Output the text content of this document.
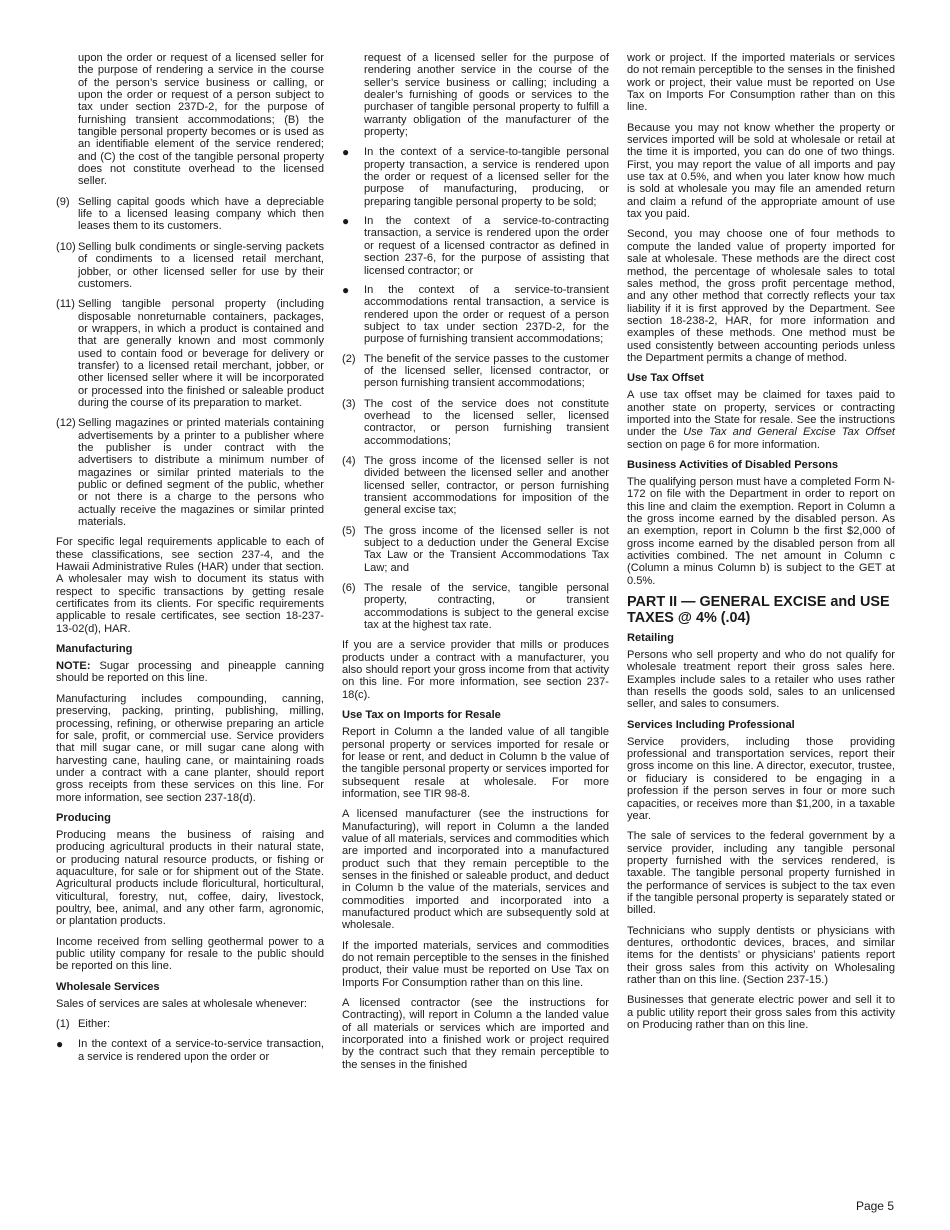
upon the order or request of a licensed seller for the purpose of rendering a service in the course of the person’s service business or calling, or upon the order or request of a person subject to tax under section 237D-2, for the purpose of furnishing transient accommodations; (B) the tangible personal property becomes or is used as an identifiable element of the service rendered; and (C) the cost of the tangible personal property does not constitute overhead to the licensed seller.

(9) Selling capital goods which have a depreciable life to a licensed leasing company which then leases them to its customers.
(10) Selling bulk condiments or single-serving packets of condiments to a licensed retail merchant, jobber, or other licensed seller for use by their customers.
(11) Selling tangible personal property (including disposable nonreturnable containers, packages, or wrappers, in which a product is contained and that are generally known and most commonly used to contain food or beverage for delivery or transfer) to a licensed retail merchant, jobber, or other licensed seller where it will be incorporated or processed into the finished or saleable product during the course of its preparation to market.
(12) Selling magazines or printed materials containing advertisements by a printer to a publisher where the publisher is under contract with the advertisers to distribute a minimum number of magazines or similar printed materials to the public or defined segment of the public, whether or not there is a charge to the persons who actually receive the magazines or similar printed materials.

For specific legal requirements applicable to each of these classifications, see section 237-4, and the Hawaii Administrative Rules (HAR) under that section. A wholesaler may wish to document its status with respect to specific transactions by getting resale certificates from its clients. For specific requirements applicable to resale certificates, see section 18-237-13-02(d), HAR.

Manufacturing

NOTE: Sugar processing and pineapple canning should be reported on this line.

Manufacturing includes compounding, canning, preserving, packing, printing, publishing, milling, processing, refining, or otherwise preparing an article for sale, profit, or commercial use. Service providers that mill sugar cane, or mill sugar cane along with harvesting cane, hauling cane, or maintaining roads under a contract with a cane planter, should report gross receipts from these services on this line. For more information, see section 237-18(d).

Producing

Producing means the business of raising and producing agricultural products in their natural state, or producing natural resource products, or fishing or aquaculture, for sale or for shipment out of the State. Agricultural products include floricultural, horticultural, viticultural, forestry, nut, coffee, dairy, livestock, poultry, bee, animal, and any other farm, agronomic, or plantation products.

Income received from selling geothermal power to a public utility company for resale to the public should be reported on this line.

Wholesale Services

Sales of services are sales at wholesale whenever:

(1) Either:
●	In the context of a service-to-service transaction, a service is rendered upon the order or

request of a licensed seller for the purpose of rendering another service in the course of the seller’s service business or calling; including a dealer’s furnishing of goods or services to the purchaser of tangible personal property to fulfill a warranty obligation of the manufacturer of the property;

●	In the context of a service-to-tangible personal property transaction, a service is rendered upon the order or request of a licensed seller for the purpose of manufacturing, producing, or preparing tangible personal property to be sold;
●	In the context of a service-to-contracting transaction, a service is rendered upon the order or request of a licensed contractor as defined in section 237-6, for the purpose of assisting that licensed contractor; or
●	In the context of a service-to-transient accommodations rental transaction, a service is rendered upon the order or request of a person subject to tax under section 237D-2, for the purpose of furnishing transient accommodations;
(2) The benefit of the service passes to the customer of the licensed seller, licensed contractor, or person furnishing transient accommodations;
(3) The cost of the service does not constitute overhead to the licensed seller, licensed contractor, or person furnishing transient accommodations;
(4) The gross income of the licensed seller is not divided between the licensed seller and another licensed seller, contractor, or person furnishing transient accommodations for imposition of the general excise tax;
(5) The gross income of the licensed seller is not subject to a deduction under the General Excise Tax Law or the Transient Accommodations Tax Law; and
(6) The resale of the service, tangible personal property, contracting, or transient accommodations is subject to the general excise tax at the highest tax rate.

If you are a service provider that mills or produces products under a contract with a manufacturer, you also should report your gross income from that activity on this line. For more information, see section 237-18(c).

Use Tax on Imports for Resale

Report in Column a the landed value of all tangible personal property or services imported for resale or for lease or rent, and deduct in Column b the value of the tangible personal property or services imported for subsequent resale at wholesale. For more information, see TIR 98-8.

A licensed manufacturer (see the instructions for Manufacturing), will report in Column a the landed value of all materials, services and commodities which are imported and incorporated into a manufactured product such that they remain perceptible to the senses in the finished or saleable product, and deduct in Column b the value of the materials, services and commodities imported and incorporated into a manufactured product which are subsequently sold at wholesale.

If the imported materials, services and commodities do not remain perceptible to the senses in the finished product, their value must be reported on Use Tax on Imports For Consumption rather than on this line.

A licensed contractor (see the instructions for Contracting), will report in Column a the landed value of all materials or services which are imported and incorporated into a finished work or project required by the contract such that they remain perceptible to the senses in the finished

work or project. If the imported materials or services do not remain perceptible to the senses in the finished work or project, their value must be reported on Use Tax on Imports For Consumption rather than on this line.

Because you may not know whether the property or services imported will be sold at wholesale or retail at the time it is imported, you can do one of two things. First, you may report the value of all imports and pay use tax at 0.5%, and when you later know how much is sold at wholesale you may file an amended return and claim a refund of the appropriate amount of use tax you paid.

Second, you may choose one of four methods to compute the landed value of property imported for sale at wholesale. These methods are the direct cost method, the percentage of wholesale sales to total sales method, the gross profit percentage method, and any other method that correctly reflects your tax liability if it is first approved by the Department. See section 18-238-2, HAR, for more information and examples of these methods. One method must be used consistently between accounting periods unless the Department permits a change of method.

Use Tax Offset

A use tax offset may be claimed for taxes paid to another state on property, services or contracting imported into the State for resale. See the instructions under the Use Tax and General Excise Tax Offset section on page 6 for more information.

Business Activities of Disabled Persons

The qualifying person must have a completed Form N-172 on file with the Department in order to report on this line and claim the exemption. Report in Column a the gross income earned by the disabled person. As an exemption, report in Column b the first $2,000 of gross income earned by the disabled person from all activities combined. The net amount in Column c (Column a minus Column b) is subject to the GET at 0.5%.

PART II — GENERAL EXCISE and USE TAXES @ 4% (.04)
Retailing

Persons who sell property and who do not qualify for wholesale treatment report their gross sales here. Examples include sales to a retailer who uses rather than resells the goods sold, sales to an unlicensed seller, and sales to consumers.

Services Including Professional

Service providers, including those providing professional and transportation services, report their gross income on this line. A director, executor, trustee, or fiduciary is considered to be engaging in a profession if the person serves in four or more such capacities, or receives more than $1,200, in a taxable year.

The sale of services to the federal government by a service provider, including any tangible personal property furnished with the services rendered, is taxable. The tangible personal property furnished in the performance of services is subject to the tax even if the tangible personal property is separately stated or billed.

Technicians who supply dentists or physicians with dentures, orthodontic devices, braces, and similar items for the dentists’ or physicians’ patients report their gross sales from this activity on Wholesaling rather than on this line. (Section 237-15.)

Businesses that generate electric power and sell it to a public utility report their gross sales from this activity on Producing rather than on this line.

Page 5
